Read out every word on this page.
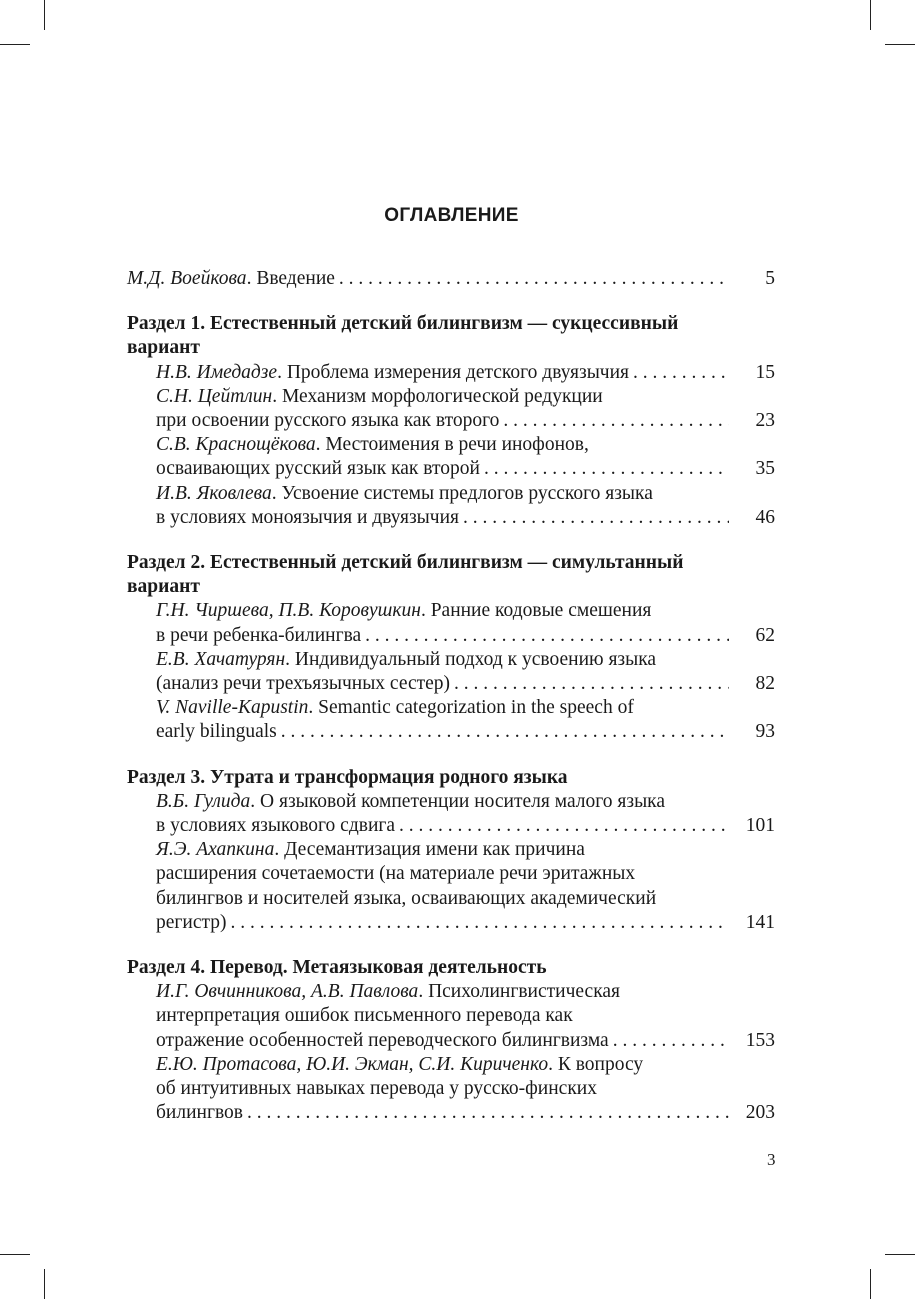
ОГЛАВЛЕНИЕ
М.Д. Воейкова. Введение . . .	5
Раздел 1. Естественный детский билингвизм — сукцессивный
вариант
Н.В. Имедадзе. Проблема измерения детского двуязычия . . .	15
С.Н. Цейтлин. Механизм морфологической редукции
при освоении русского языка как второго . . .	23
С.В. Краснощёкова. Местоимения в речи инофонов,
осваивающих русский язык как второй . . .	35
И.В. Яковлева. Усвоение системы предлогов русского языка
в условиях моноязычия и двуязычия . . .	46
Раздел 2. Естественный детский билингвизм — симультанный
вариант
Г.Н. Чиршева, П.В. Коровушкин. Ранние кодовые смешения
в речи ребенка-билингва . . .	62
Е.В. Хачатурян. Индивидуальный подход к усвоению языка
(анализ речи трехъязычных сестер) . . .	82
V. Naville-Kapustin. Semantic categorization in the speech of
early bilinguals . . .	93
Раздел 3. Утрата и трансформация родного языка
В.Б. Гулида. О языковой компетенции носителя малого языка
в условиях языкового сдвига . . .	101
Я.Э. Ахапкина. Десемантизация имени как причина
расширения сочетаемости (на материале речи эритажных
билингвов и носителей языка, осваивающих академический
регистр) . . .	141
Раздел 4. Перевод. Метаязыковая деятельность
И.Г. Овчинникова, А.В. Павлова. Психолингвистическая
интерпретация ошибок письменного перевода как
отражение особенностей переводческого билингвизма . . .	153
Е.Ю. Протасова, Ю.И. Экман, С.И. Кириченко. К вопросу
об интуитивных навыках перевода у русско-финских
билингвов . . .	203
3
